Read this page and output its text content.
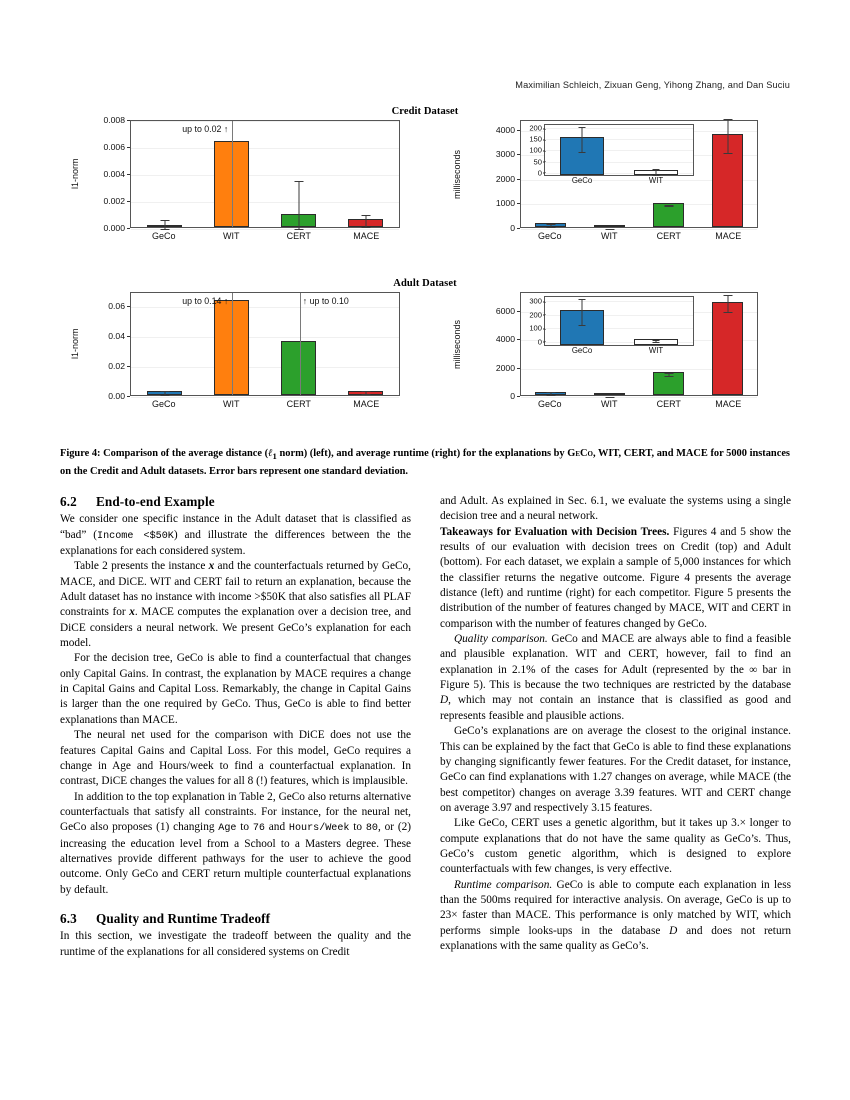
Maximilian Schleich, Zixuan Geng, Yihong Zhang, and Dan Suciu
Credit Dataset
l1-norm
0.000
0.002
0.004
0.006
0.008
up to 0.02 ↑
GeCo	WIT	CERT	MACE
milliseconds
0
1000
2000
3000
4000
GeCo	WIT	CERT	MACE
0
50
100
150
200
GeCo	WIT
Adult Dataset
l1-norm
0.00
0.02
0.04
0.06
up to 0.14 ↑	↑ up to 0.10
GeCo	WIT	CERT	MACE
milliseconds
0
2000
4000
6000
GeCo	WIT	CERT	MACE
0
100
200
300
GeCo	WIT
Figure 4: Comparison of the average distance (ℓ$_1$ norm) (left), and average runtime (right) for the explanations by GeCo, WIT, CERT, and MACE for 5000 instances on the Credit and Adult datasets. Error bars represent one standard deviation.
6.2 End-to-end Example

We consider one specific instance in the Adult dataset that is classified as “bad” (Income <$50K) and illustrate the differences between the the explanations for each considered system.

Table 2 presents the instance x and the counterfactuals returned by GeCo, MACE, and DiCE. WIT and CERT fail to return an explanation, because the Adult dataset has no instance with income >$50K that also satisfies all PLAF constraints for x. MACE computes the explanation over a decision tree, and DiCE considers a neural network. We present GeCo’s explanation for each model.

For the decision tree, GeCo is able to find a counterfactual that changes only Capital Gains. In contrast, the explanation by MACE requires a change in Capital Gains and Capital Loss. Remarkably, the change in Capital Gains is larger than the one required by GeCo. Thus, GeCo is able to find better explanations than MACE.

The neural net used for the comparison with DiCE does not use the features Capital Gains and Capital Loss. For this model, GeCo requires a change in Age and Hours/week to find a counterfactual explanation. In contrast, DiCE changes the values for all 8 (!) features, which is implausible.

In addition to the top explanation in Table 2, GeCo also returns alternative counterfactuals that satisfy all constraints. For instance, for the neural net, GeCo also proposes (1) changing Age to 76 and Hours/Week to 80, or (2) increasing the education level from a School to a Masters degree. These alternatives provide different pathways for the user to achieve the good outcome. Only GeCo and CERT return multiple counterfactual explanations by default.

6.3 Quality and Runtime Tradeoff

In this section, we investigate the tradeoff between the quality and the runtime of the explanations for all considered systems on Credit

and Adult. As explained in Sec. 6.1, we evaluate the systems using a single decision tree and a neural network.

Takeaways for Evaluation with Decision Trees. Figures 4 and 5 show the results of our evaluation with decision trees on Credit (top) and Adult (bottom). For each dataset, we explain a sample of 5,000 instances for which the classifier returns the negative outcome. Figure 4 presents the average distance (left) and runtime (right) for each competitor. Figure 5 presents the distribution of the number of features changed by MACE, WIT and CERT in comparison with the number of features changed by GeCo.

Quality comparison. GeCo and MACE are always able to find a feasible and plausible explanation. WIT and CERT, however, fail to find an explanation in 2.1% of the cases for Adult (represented by the ∞ bar in Figure 5). This is because the two techniques are restricted by the database D, which may not contain an instance that is classified as good and represents feasible and plausible actions.

GeCo’s explanations are on average the closest to the original instance. This can be explained by the fact that GeCo is able to find these explanations by changing significantly fewer features. For the Credit dataset, for instance, GeCo can find explanations with 1.27 changes on average, while MACE (the best competitor) changes on average 3.39 features. WIT and CERT change on average 3.97 and respectively 3.15 features.

Like GeCo, CERT uses a genetic algorithm, but it takes up 3.× longer to compute explanations that do not have the same quality as GeCo’s. Thus, GeCo’s custom genetic algorithm, which is designed to explore counterfactuals with few changes, is very effective.

Runtime comparison. GeCo is able to compute each explanation in less than the 500ms required for interactive analysis. On average, GeCo is up to 23× faster than MACE. This performance is only matched by WIT, which performs simple looks-ups in the database D and does not return explanations with the same quality as GeCo’s.
